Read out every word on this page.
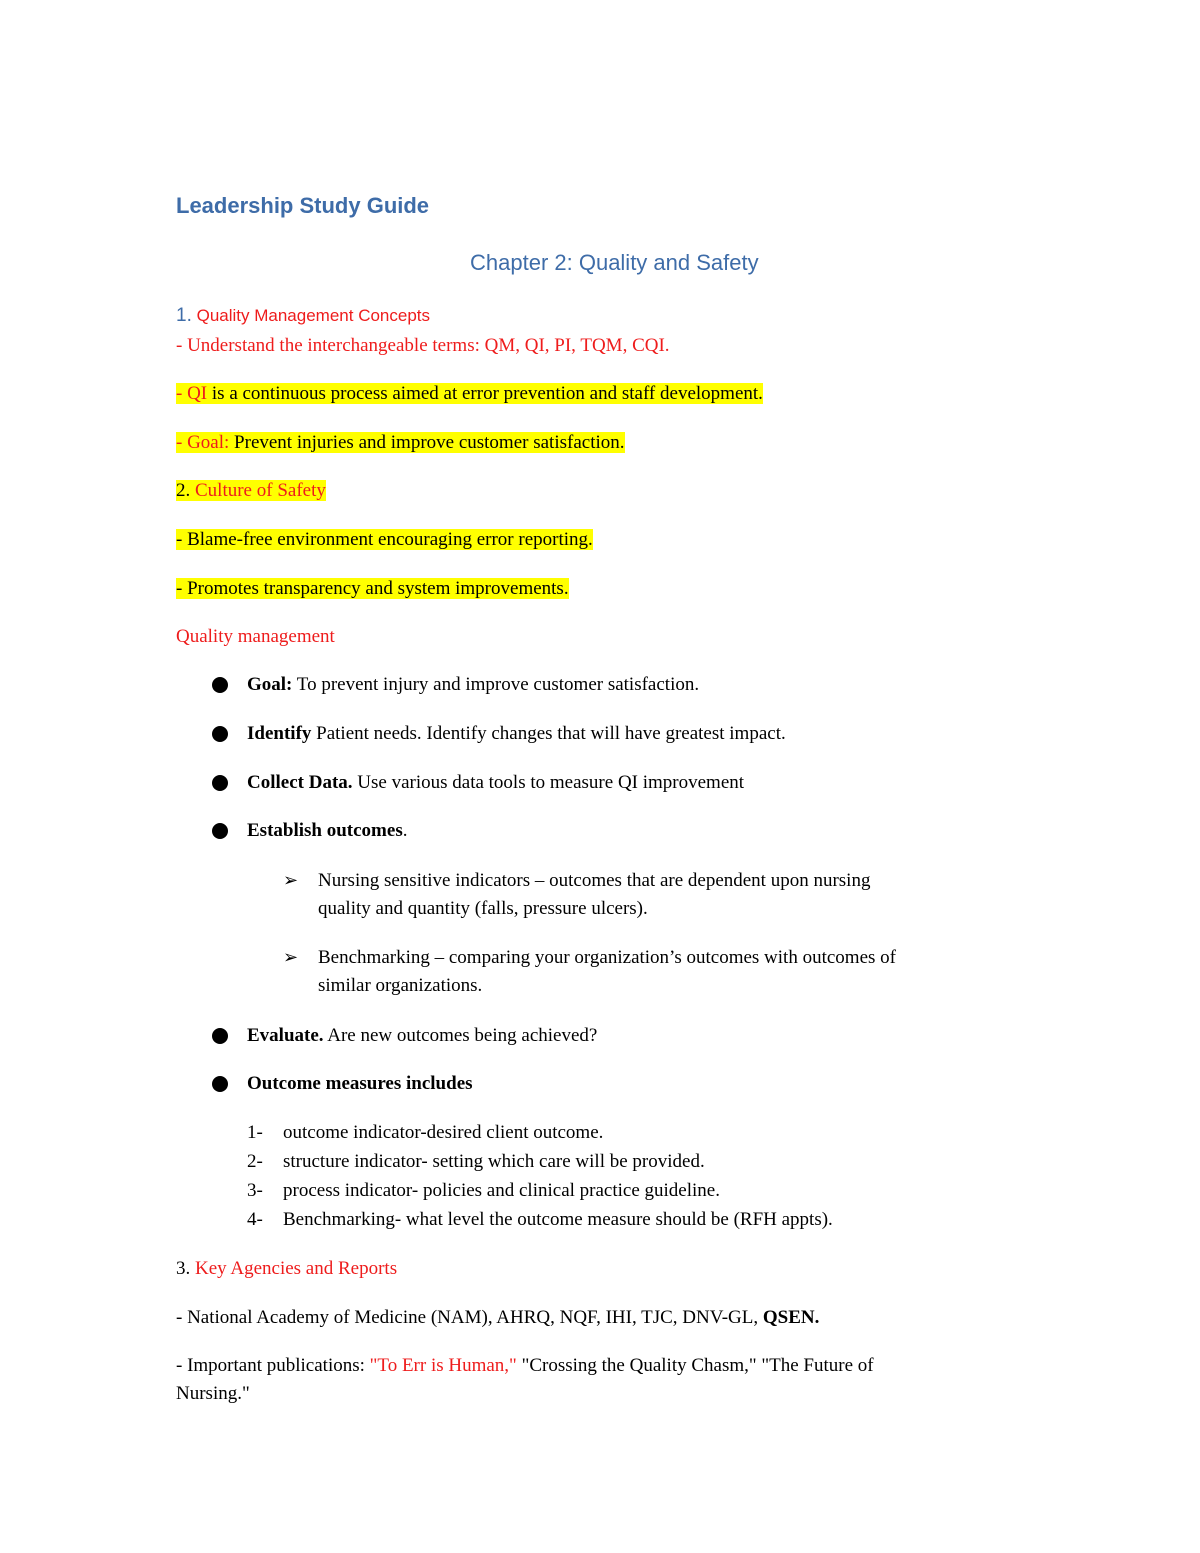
Leadership Study Guide
Chapter 2: Quality and Safety
1. Quality Management Concepts
- Understand the interchangeable terms: QM, QI, PI, TQM, CQI.
- QI is a continuous process aimed at error prevention and staff development.
- Goal: Prevent injuries and improve customer satisfaction.
2. Culture of Safety
- Blame-free environment encouraging error reporting.
- Promotes transparency and system improvements.
Quality management
Goal: To prevent injury and improve customer satisfaction.
Identify Patient needs. Identify changes that will have greatest impact.
Collect Data. Use various data tools to measure QI improvement
Establish outcomes.
➢ Nursing sensitive indicators – outcomes that are dependent upon nursing
quality and quantity (falls, pressure ulcers).
➢ Benchmarking – comparing your organization’s outcomes with outcomes of
similar organizations.
Evaluate. Are new outcomes being achieved?
Outcome measures includes
1- outcome indicator-desired client outcome.
2- structure indicator- setting which care will be provided.
3- process indicator- policies and clinical practice guideline.
4- Benchmarking- what level the outcome measure should be (RFH appts).
3. Key Agencies and Reports
- National Academy of Medicine (NAM), AHRQ, NQF, IHI, TJC, DNV-GL, QSEN.
- Important publications: "To Err is Human," "Crossing the Quality Chasm," "The Future of
Nursing."
